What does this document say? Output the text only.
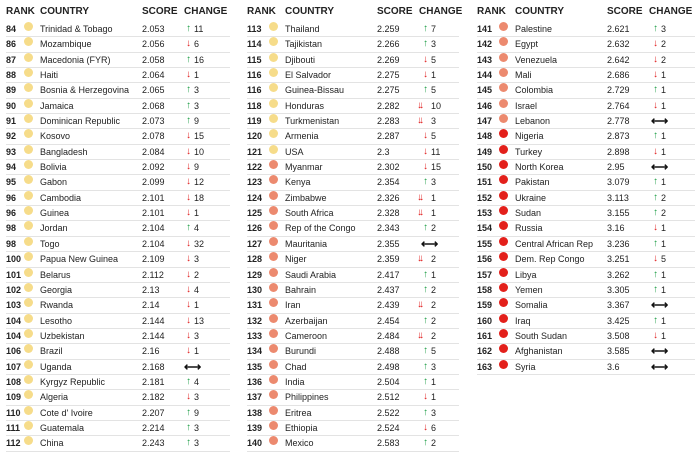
RANK COUNTRY	SCORE CHANGE
84	Trinidad & Tobago	2.053 ↑ 11
86	Mozambique	2.056 ↓ 6
87	Macedonia (FYR)	2.058 ↑ 16
88	Haiti	2.064 ↓ 1
89	Bosnia & Herzegovina 2.065 ↑ 3
90	Jamaica	2.068 ↑ 3
91	Dominican Republic 2.073 ↑ 9
92	Kosovo	2.078 ↓ 15
93	Bangladesh	2.084 ↓ 10
94	Bolivia	2.092 ↓ 9
95	Gabon	2.099 ↓ 12
96	Cambodia	2.101 ↓ 18
96	Guinea	2.101 ↓ 1
98	Jordan	2.104 ↑ 4
98	Togo	2.104 ↓ 32
100 Papua New Guinea	2.109 ↓ 3
101 Belarus	2.112 ↓ 2
102 Georgia	2.13	↓ 4
103 Rwanda	2.14	↓ 1
104 Lesotho	2.144 ↓ 13
104 Uzbekistan	2.144 ↓ 3
106 Brazil	2.16	↓ 1
107 Uganda	2.168 ⟷
108 Kyrgyz Republic	2.181 ↑ 4
109 Algeria	2.182 ↓ 3
110 Cote d' Ivoire	2.207 ↑ 9
111 Guatemala	2.214 ↑ 3
112 China	2.243 ↑ 3
RANK COUNTRY	SCORE CHANGE
113	Thailand	2.259 ↑ 7
114	Tajikistan	2.266 ↑ 3
115	Djibouti	2.269 ↓ 5
116	El Salvador	2.275 ↓ 1
116	Guinea-Bissau	2.275 ↑ 5
118	Honduras	2.282 ↓↓ 10
119	Turkmenistan	2.283 ↓↓ 3
120	Armenia	2.287 ↓ 5
121	USA	2.3	↓ 11
122	Myanmar	2.302 ↓ 15
123	Kenya	2.354 ↑ 3
124	Zimbabwe	2.326 ↓↓ 1
125	South Africa	2.328 ↓↓ 1
126	Rep of the Congo 2.343 ↑ 2
127	Mauritania	2.355 ⟷
128	Niger	2.359 ↓↓ 2
129	Saudi Arabia	2.417 ↑ 1
130	Bahrain	2.437 ↑ 2
131	Iran	2.439 ↓↓ 2
132	Azerbaijan	2.454 ↑ 2
133	Cameroon	2.484 ↓↓ 2
134	Burundi	2.488 ↑ 5
135	Chad	2.498 ↑ 3
136	India	2.504 ↑ 1
137	Philippines	2.512 ↓ 1
138	Eritrea	2.522 ↑ 3
139	Ethiopia	2.524 ↓ 6
140	Mexico	2.583 ↑ 2
RANK COUNTRY	SCORE CHANGE
141	Palestine	2.621 ↑ 3
142	Egypt	2.632 ↓ 2
143	Venezuela	2.642 ↓ 2
144	Mali	2.686 ↓ 1
145	Colombia	2.729 ↑ 1
146	Israel	2.764 ↓ 1
147	Lebanon	2.778 ⟷
148	Nigeria	2.873 ↑ 1
149	Turkey	2.898 ↓ 1
150	North Korea	2.95 ⟷
151	Pakistan	3.079 ↑ 1
152	Ukraine	3.113 ↑ 2
153	Sudan	3.155 ↑ 2
154	Russia	3.16	↓ 1
155	Central African Rep 3.236 ↑ 1
156	Dem. Rep Congo 3.251 ↓ 5
157	Libya	3.262 ↑ 1
158	Yemen	3.305 ↑ 1
159	Somalia	3.367 ⟷
160	Iraq	3.425 ↑ 1
161	South Sudan	3.508 ↓ 1
162	Afghanistan	3.585 ⟷
163	Syria	3.6	⟷
